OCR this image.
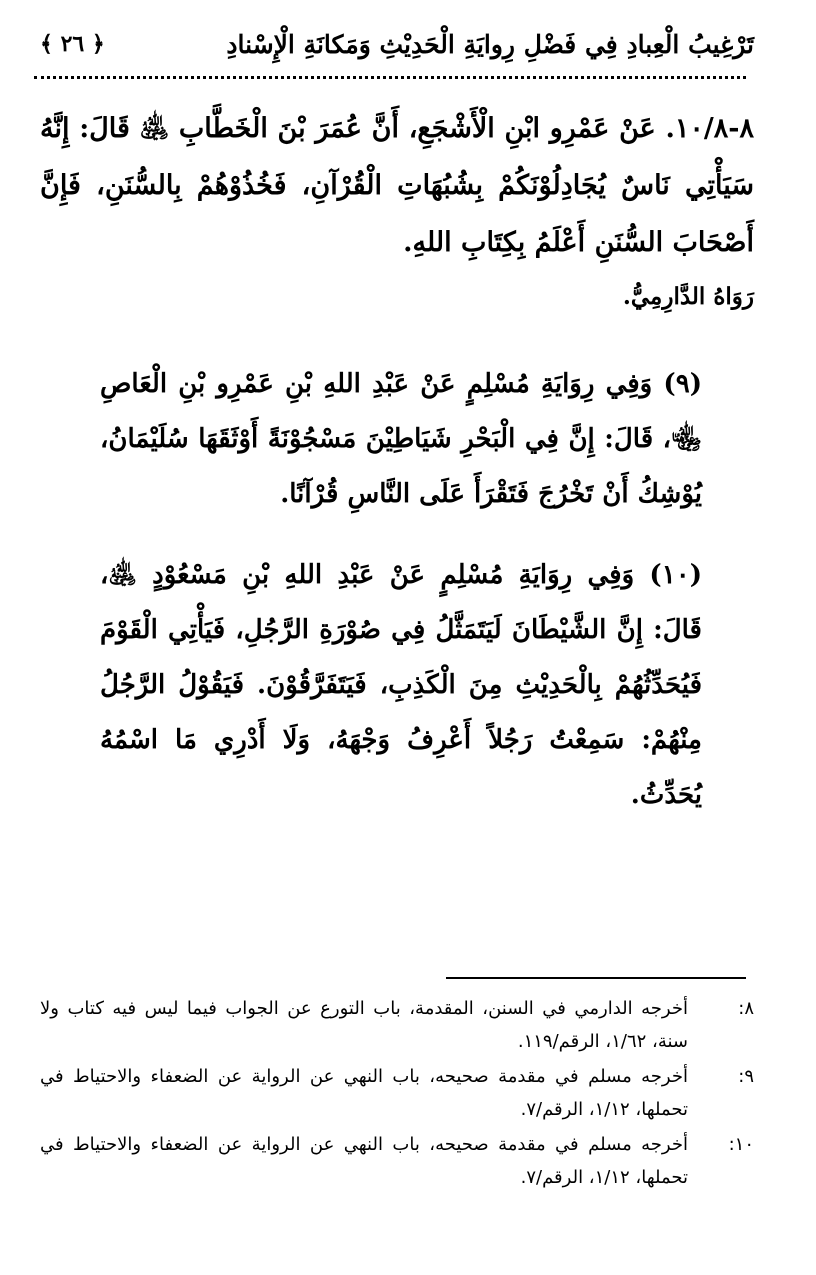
تَرْغِيبُ الْعِبادِ فِي فَضْلِ رِوايَةِ الْحَدِيْثِ وَمَكانَةِ الْإِسْنادِ
﴿ ٢٦ ﴾
٨-١٠/٨. عَنْ عَمْرِو ابْنِ الْأَشْجَعِ، أَنَّ عُمَرَ بْنَ الْخَطَّابِ ﵁ قَالَ: إِنَّهُ سَيَأْتِي نَاسٌ يُجَادِلُوْنَكُمْ بِشُبُهَاتِ الْقُرْآنِ، فَخُذُوْهُمْ بِالسُّنَنِ، فَإِنَّ أَصْحَابَ السُّنَنِ أَعْلَمُ بِكِتَابِ اللهِ.
رَوَاهُ الدَّارِمِيُّ.
(٩) وَفِي رِوَايَةِ مُسْلِمٍ عَنْ عَبْدِ اللهِ بْنِ عَمْرِو بْنِ الْعَاصِ ﵄، قَالَ: إِنَّ فِي الْبَحْرِ شَيَاطِيْنَ مَسْجُوْنَةً أَوْثَقَهَا سُلَيْمَانُ، يُوْشِكُ أَنْ تَخْرُجَ فَتَقْرَأَ عَلَى النَّاسِ قُرْآنًا.
(١٠) وَفِي رِوَايَةِ مُسْلِمٍ عَنْ عَبْدِ اللهِ بْنِ مَسْعُوْدٍ ﵁، قَالَ: إِنَّ الشَّيْطَانَ لَيَتَمَثَّلُ فِي صُوْرَةِ الرَّجُلِ، فَيَأْتِي الْقَوْمَ فَيُحَدِّثُهُمْ بِالْحَدِيْثِ مِنَ الْكَذِبِ، فَيَتَفَرَّقُوْنَ. فَيَقُوْلُ الرَّجُلُ مِنْهُمْ: سَمِعْتُ رَجُلاً أَعْرِفُ وَجْهَهُ، وَلَا أَدْرِي مَا اسْمُهُ يُحَدِّثُ.
٨:
أخرجه الدارمي في السنن، المقدمة، باب التورع عن الجواب فيما ليس فيه كتاب ولا سنة، ١/٦٢، الرقم/١١٩.
٩:
أخرجه مسلم في مقدمة صحيحه، باب النهي عن الرواية عن الضعفاء والاحتياط في تحملها، ١/١٢، الرقم/٧.
١٠:
أخرجه مسلم في مقدمة صحيحه، باب النهي عن الرواية عن الضعفاء والاحتياط في تحملها، ١/١٢، الرقم/٧.
